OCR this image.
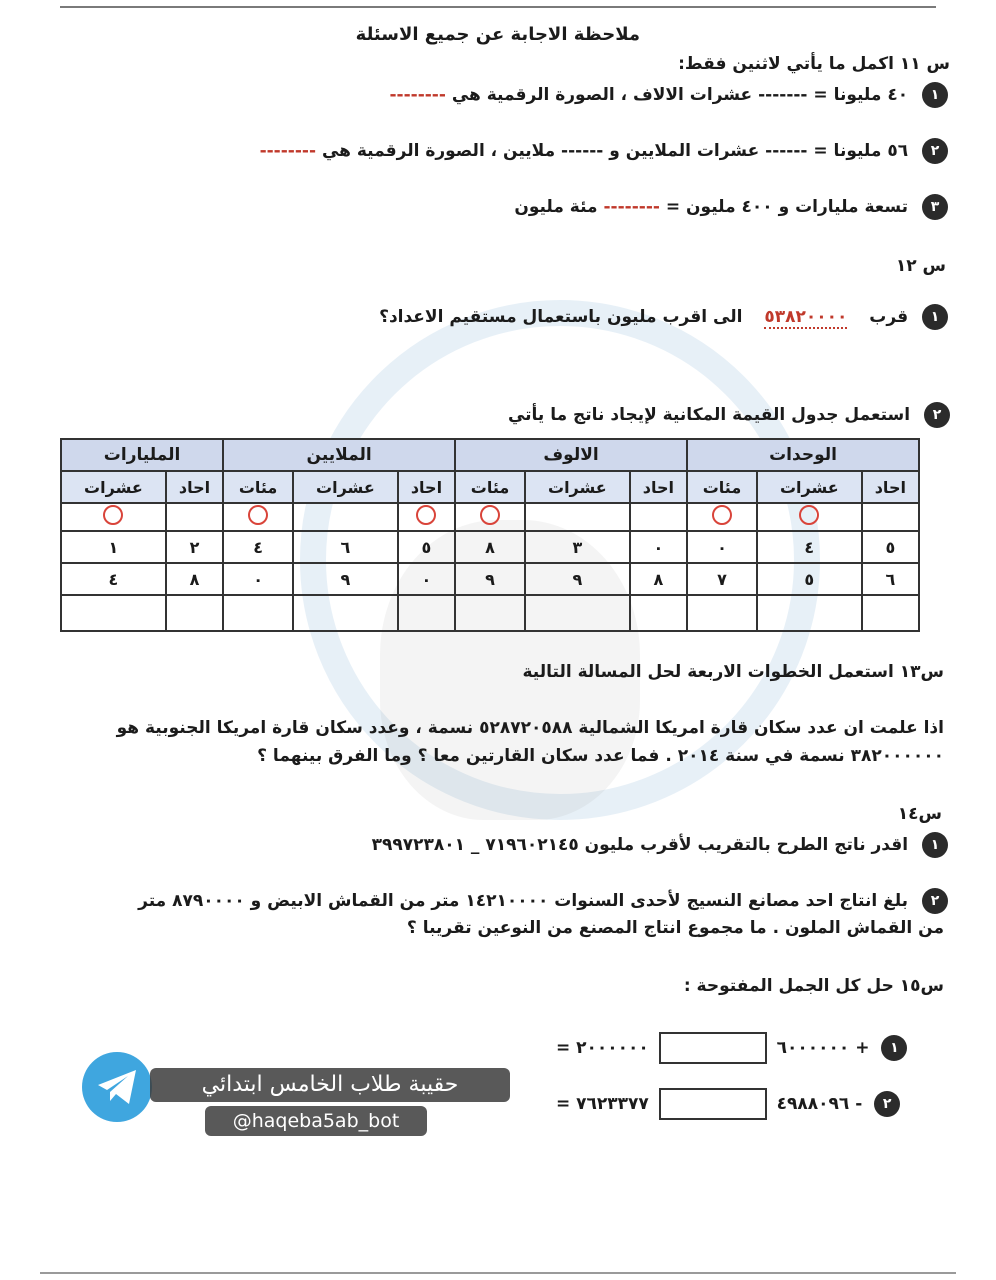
ملاحظة الاجابة عن جميع الاسئلة
س ١١ اكمل ما يأتي لاثنين فقط:
١ ٤٠ مليونا = ------- عشرات الالاف ، الصورة الرقمية هي --------
٢ ٥٦ مليونا = ------ عشرات الملايين و ------ ملايين ، الصورة الرقمية هي --------
٣ تسعة مليارات و ٤٠٠ مليون = -------- مئة مليون
س ١٢
١ قرب ٥٣٨٢٠٠٠٠ الى اقرب مليون باستعمال مستقيم الاعداد؟
٢ استعمل جدول القيمة المكانية لإيجاد ناتج ما يأتي
الوحدات			الالوف			الملايين			المليارات	
احاد	عشرات	مئات	احاد	عشرات	مئات	احاد	عشرات	مئات	احاد	عشرات

٥	٤	٠	٠	٣	٨	٥	٦	٤	٢	١
٦	٥	٧	٨	٩	٩	٠	٩	٠	٨	٤

س١٣ استعمل الخطوات الاربعة لحل المسالة التالية
اذا علمت ان عدد سكان قارة امريكا الشمالية ٥٢٨٧٢٠٥٨٨ نسمة ، وعدد سكان قارة امريكا الجنوبية هو
٣٨٢٠٠٠٠٠٠ نسمة في سنة ٢٠١٤ . فما عدد سكان القارتين معا ؟ وما الفرق بينهما ؟
س١٤
١ اقدر ناتج الطرح بالتقريب لأقرب مليون ٧١٩٦٠٢١٤٥ _ ٣٩٩٧٢٣٨٠١
٢ بلغ انتاج احد مصانع النسيج لأحدى السنوات ١٤٢١٠٠٠٠ متر من القماش الابيض و ٨٧٩٠٠٠٠ متر
من القماش الملون . ما مجموع انتاج المصنع من النوعين تقريبا ؟
س١٥ حل كل الجمل المفتوحة :
= ٦٠٠٠٠٠٠  ٢٠٠٠٠٠٠ + ١
= ٤٩٨٨٠٩٦  ٧٦٢٣٣٧٧ - ٢
حقيبة طلاب الخامس ابتدائي
@haqeba5ab_bot
